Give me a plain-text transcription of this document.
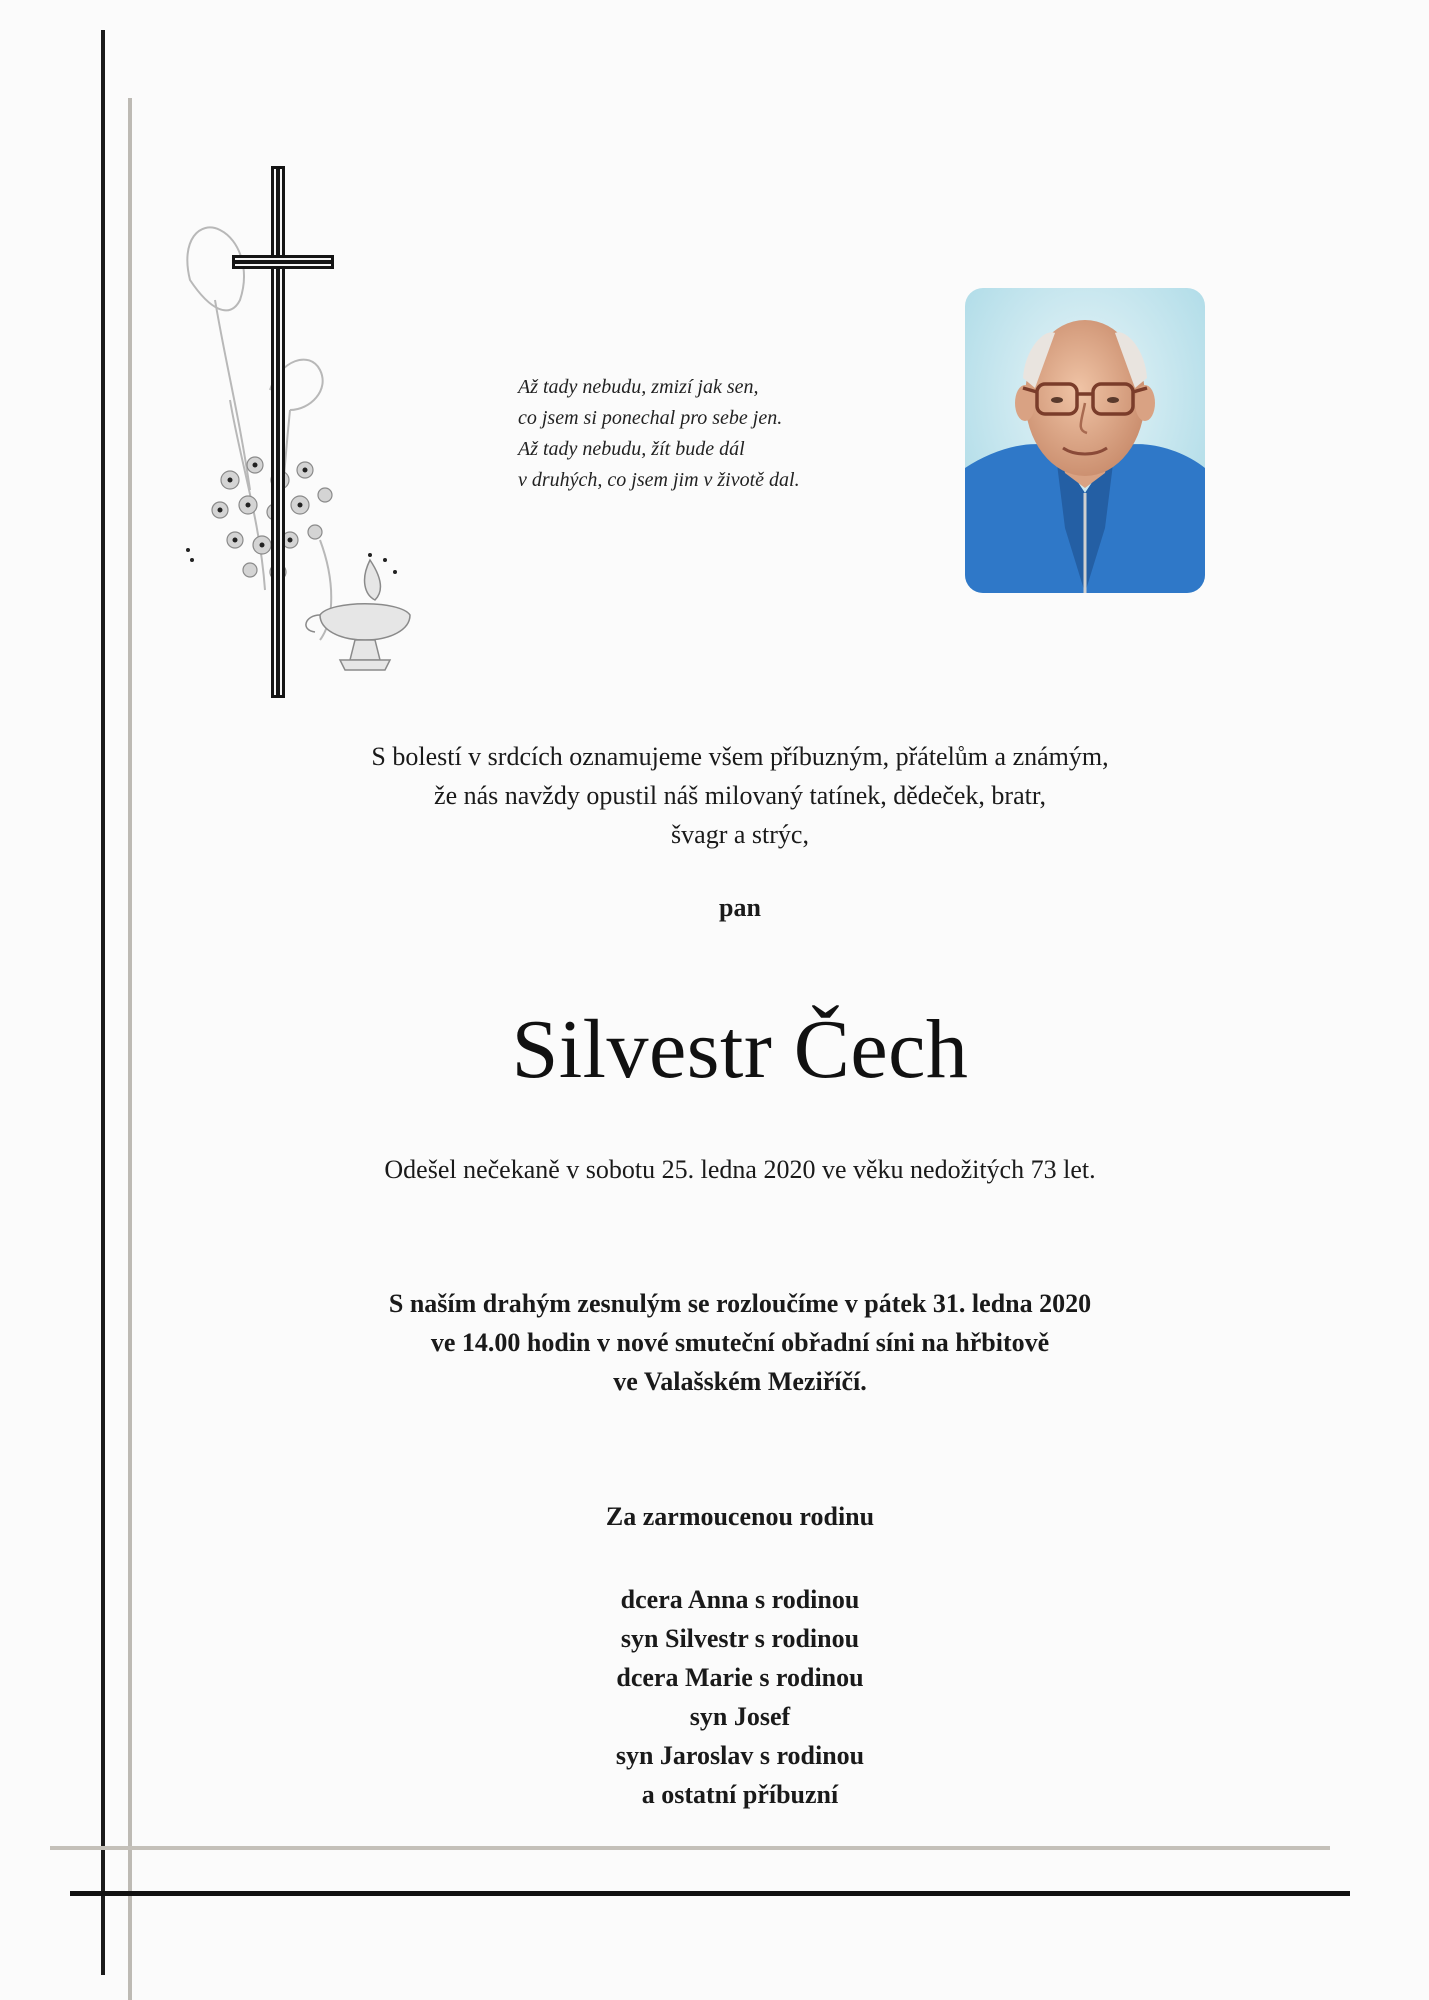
Až tady nebudu, zmizí jak sen,
co jsem si ponechal pro sebe jen.
Až tady nebudu, žít bude dál
v druhých, co jsem jim v životě dal.
S bolestí v srdcích oznamujeme všem příbuzným, přátelům a známým,
že nás navždy opustil náš milovaný tatínek, dědeček, bratr,
švagr a strýc,
pan
Silvestr Čech
Odešel nečekaně v sobotu 25. ledna 2020 ve věku nedožitých 73 let.
S naším drahým zesnulým se rozloučíme v pátek 31. ledna 2020
ve 14.00 hodin v nové smuteční obřadní síni na hřbitově
ve Valašském Meziříčí.
Za zarmoucenou rodinu
dcera Anna s rodinou
syn Silvestr s rodinou
dcera Marie s rodinou
syn Josef
syn Jaroslav s rodinou
a ostatní příbuzní
